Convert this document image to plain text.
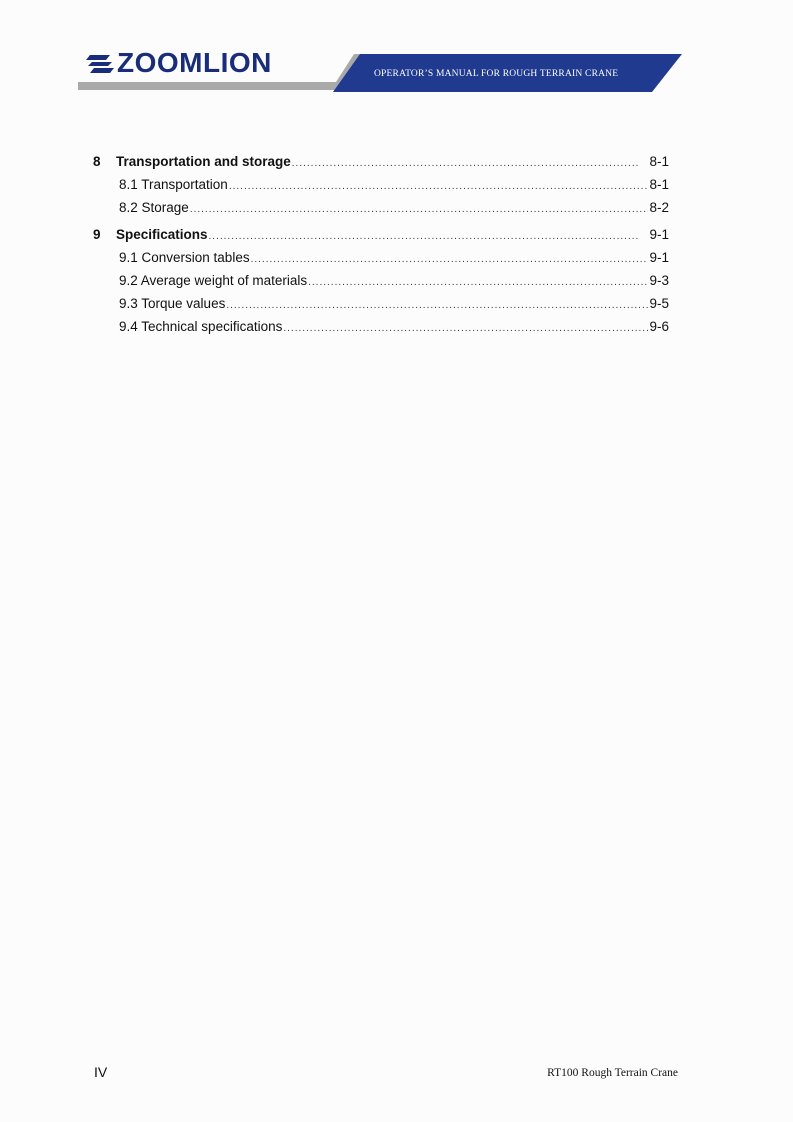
ZOOMLION	OPERATOR’S MANUAL FOR ROUGH TERRAIN CRANE
8	Transportation and storage .....	8-1
8.1 Transportation .....	8-1
8.2 Storage .....	8-2
9	Specifications .....	9-1
9.1 Conversion tables .....	9-1
9.2 Average weight of materials .....	9-3
9.3 Torque values .....	9-5
9.4 Technical specifications .....	9-6
IV	RT100 Rough Terrain Crane
